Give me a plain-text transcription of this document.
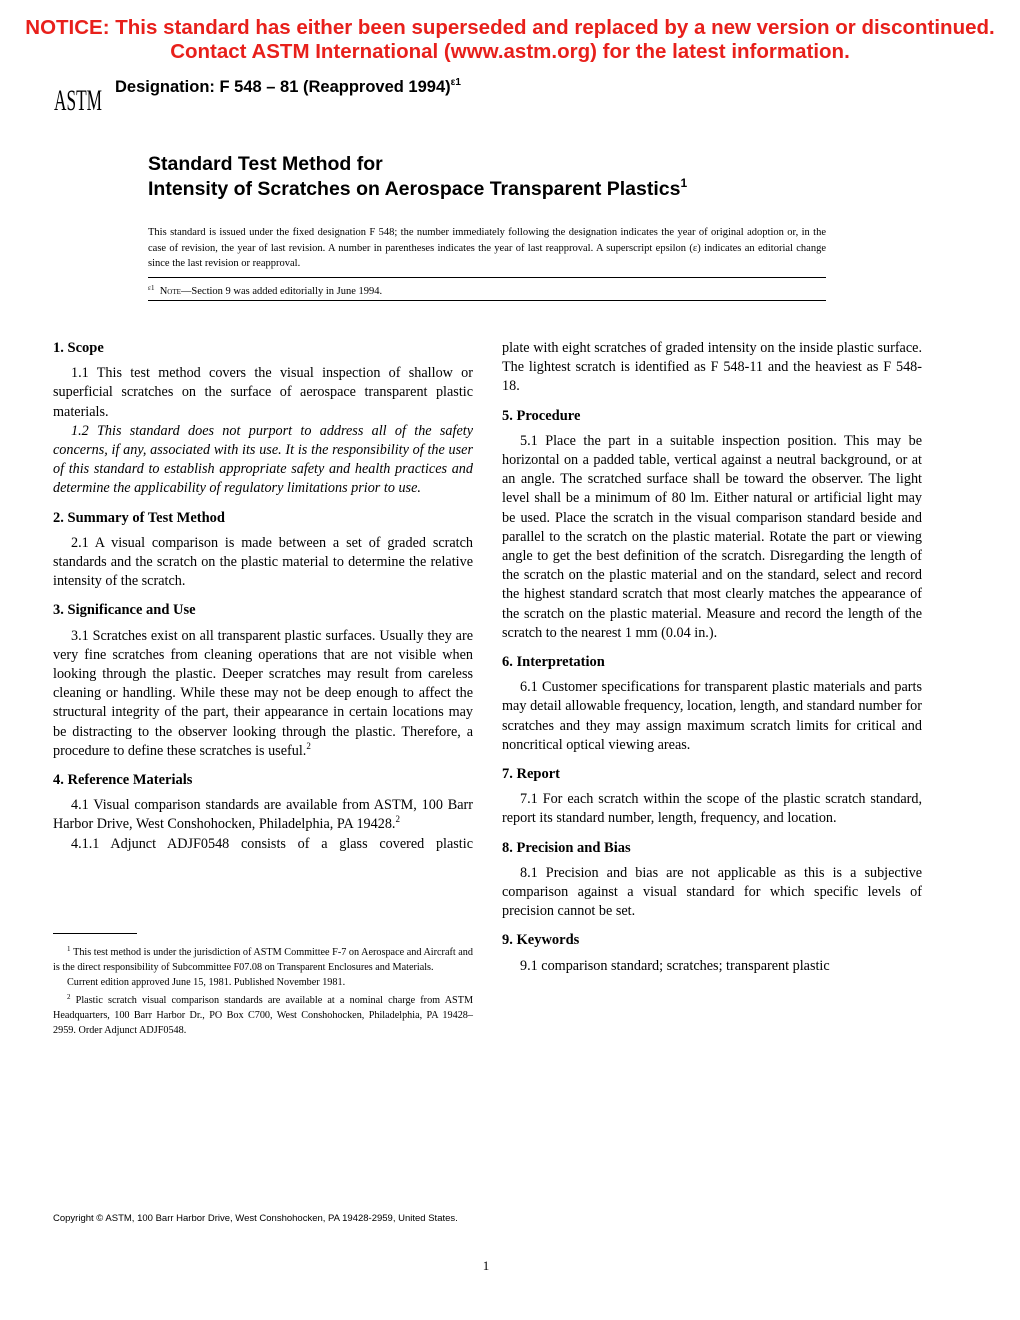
NOTICE: This standard has either been superseded and replaced by a new version or discontinued.
Contact ASTM International (www.astm.org) for the latest information.
ASTM Designation: F 548 – 81 (Reapproved 1994)$^{\varepsilon 1}$
Standard Test Method for
Intensity of Scratches on Aerospace Transparent Plastics$^1$
This standard is issued under the fixed designation F 548; the number immediately following the designation indicates the year of original adoption or, in the case of revision, the year of last revision. A number in parentheses indicates the year of last reapproval. A superscript epsilon (ε) indicates an editorial change since the last revision or reapproval.
$^{\varepsilon 1}$ Note—Section 9 was added editorially in June 1994.
1. Scope

1.1 This test method covers the visual inspection of shallow or superficial scratches on the surface of aerospace transparent plastic materials.

1.2 This standard does not purport to address all of the safety concerns, if any, associated with its use. It is the responsibility of the user of this standard to establish appropriate safety and health practices and determine the applicability of regulatory limitations prior to use.

2. Summary of Test Method

2.1 A visual comparison is made between a set of graded scratch standards and the scratch on the plastic material to determine the relative intensity of the scratch.

3. Significance and Use

3.1 Scratches exist on all transparent plastic surfaces. Usually they are very fine scratches from cleaning operations that are not visible when looking through the plastic. Deeper scratches may result from careless cleaning or handling. While these may not be deep enough to affect the structural integrity of the part, their appearance in certain locations may be distracting to the observer looking through the plastic. Therefore, a procedure to define these scratches is useful.$^2$

4. Reference Materials

4.1 Visual comparison standards are available from ASTM, 100 Barr Harbor Drive, West Conshohocken, Philadelphia, PA 19428.$^2$

4.1.1 Adjunct ADJF0548 consists of a glass covered plastic

$^1$ This test method is under the jurisdiction of ASTM Committee F-7 on Aerospace and Aircraft and is the direct responsibility of Subcommittee F07.08 on Transparent Enclosures and Materials.

Current edition approved June 15, 1981. Published November 1981.

$^2$ Plastic scratch visual comparison standards are available at a nominal charge from ASTM Headquarters, 100 Barr Harbor Dr., PO Box C700, West Conshohocken, Philadelphia, PA 19428–2959. Order Adjunct ADJF0548.

plate with eight scratches of graded intensity on the inside plastic surface. The lightest scratch is identified as F 548-11 and the heaviest as F 548-18.

5. Procedure

5.1 Place the part in a suitable inspection position. This may be horizontal on a padded table, vertical against a neutral background, or at an angle. The scratched surface shall be toward the observer. The light level shall be a minimum of 80 lm. Either natural or artificial light may be used. Place the scratch in the visual comparison standard beside and parallel to the scratch on the plastic material. Rotate the part or viewing angle to get the best definition of the scratch. Disregarding the length of the scratch on the plastic material and on the standard, select and record the highest standard scratch that most clearly matches the appearance of the scratch on the plastic material. Measure and record the length of the scratch to the nearest 1 mm (0.04 in.).

6. Interpretation

6.1 Customer specifications for transparent plastic materials and parts may detail allowable frequency, location, length, and standard number for scratches and they may assign maximum scratch limits for critical and noncritical optical viewing areas.

7. Report

7.1 For each scratch within the scope of the plastic scratch standard, report its standard number, length, frequency, and location.

8. Precision and Bias

8.1 Precision and bias are not applicable as this is a subjective comparison against a visual standard for which specific levels of precision cannot be set.

9. Keywords

9.1 comparison standard; scratches; transparent plastic

Copyright © ASTM, 100 Barr Harbor Drive, West Conshohocken, PA 19428-2959, United States.
1
